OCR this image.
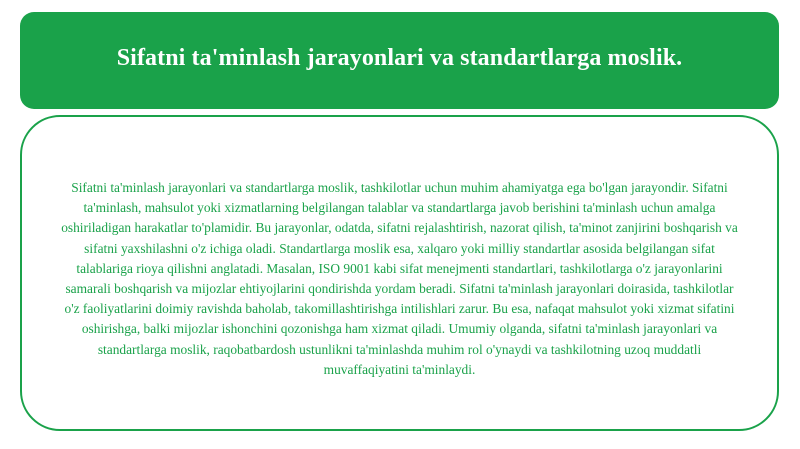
Sifatni ta'minlash jarayonlari va standartlarga moslik.

Sifatni ta'minlash jarayonlari va standartlarga moslik, tashkilotlar uchun muhim ahamiyatga ega bo'lgan jarayondir. Sifatni ta'minlash, mahsulot yoki xizmatlarning belgilangan talablar va standartlarga javob berishini ta'minlash uchun amalga oshiriladigan harakatlar to'plamidir. Bu jarayonlar, odatda, sifatni rejalashtirish, nazorat qilish, ta'minot zanjirini boshqarish va sifatni yaxshilashni o'z ichiga oladi. Standartlarga moslik esa, xalqaro yoki milliy standartlar asosida belgilangan sifat talablariga rioya qilishni anglatadi. Masalan, ISO 9001 kabi sifat menejmenti standartlari, tashkilotlarga o'z jarayonlarini samarali boshqarish va mijozlar ehtiyojlarini qondirishda yordam beradi. Sifatni ta'minlash jarayonlari doirasida, tashkilotlar o'z faoliyatlarini doimiy ravishda baholab, takomillashtirishga intilishlari zarur. Bu esa, nafaqat mahsulot yoki xizmat sifatini oshirishga, balki mijozlar ishonchini qozonishga ham xizmat qiladi. Umumiy olganda, sifatni ta'minlash jarayonlari va standartlarga moslik, raqobatbardosh ustunlikni ta'minlashda muhim rol o'ynaydi va tashkilotning uzoq muddatli muvaffaqiyatini ta'minlaydi.
